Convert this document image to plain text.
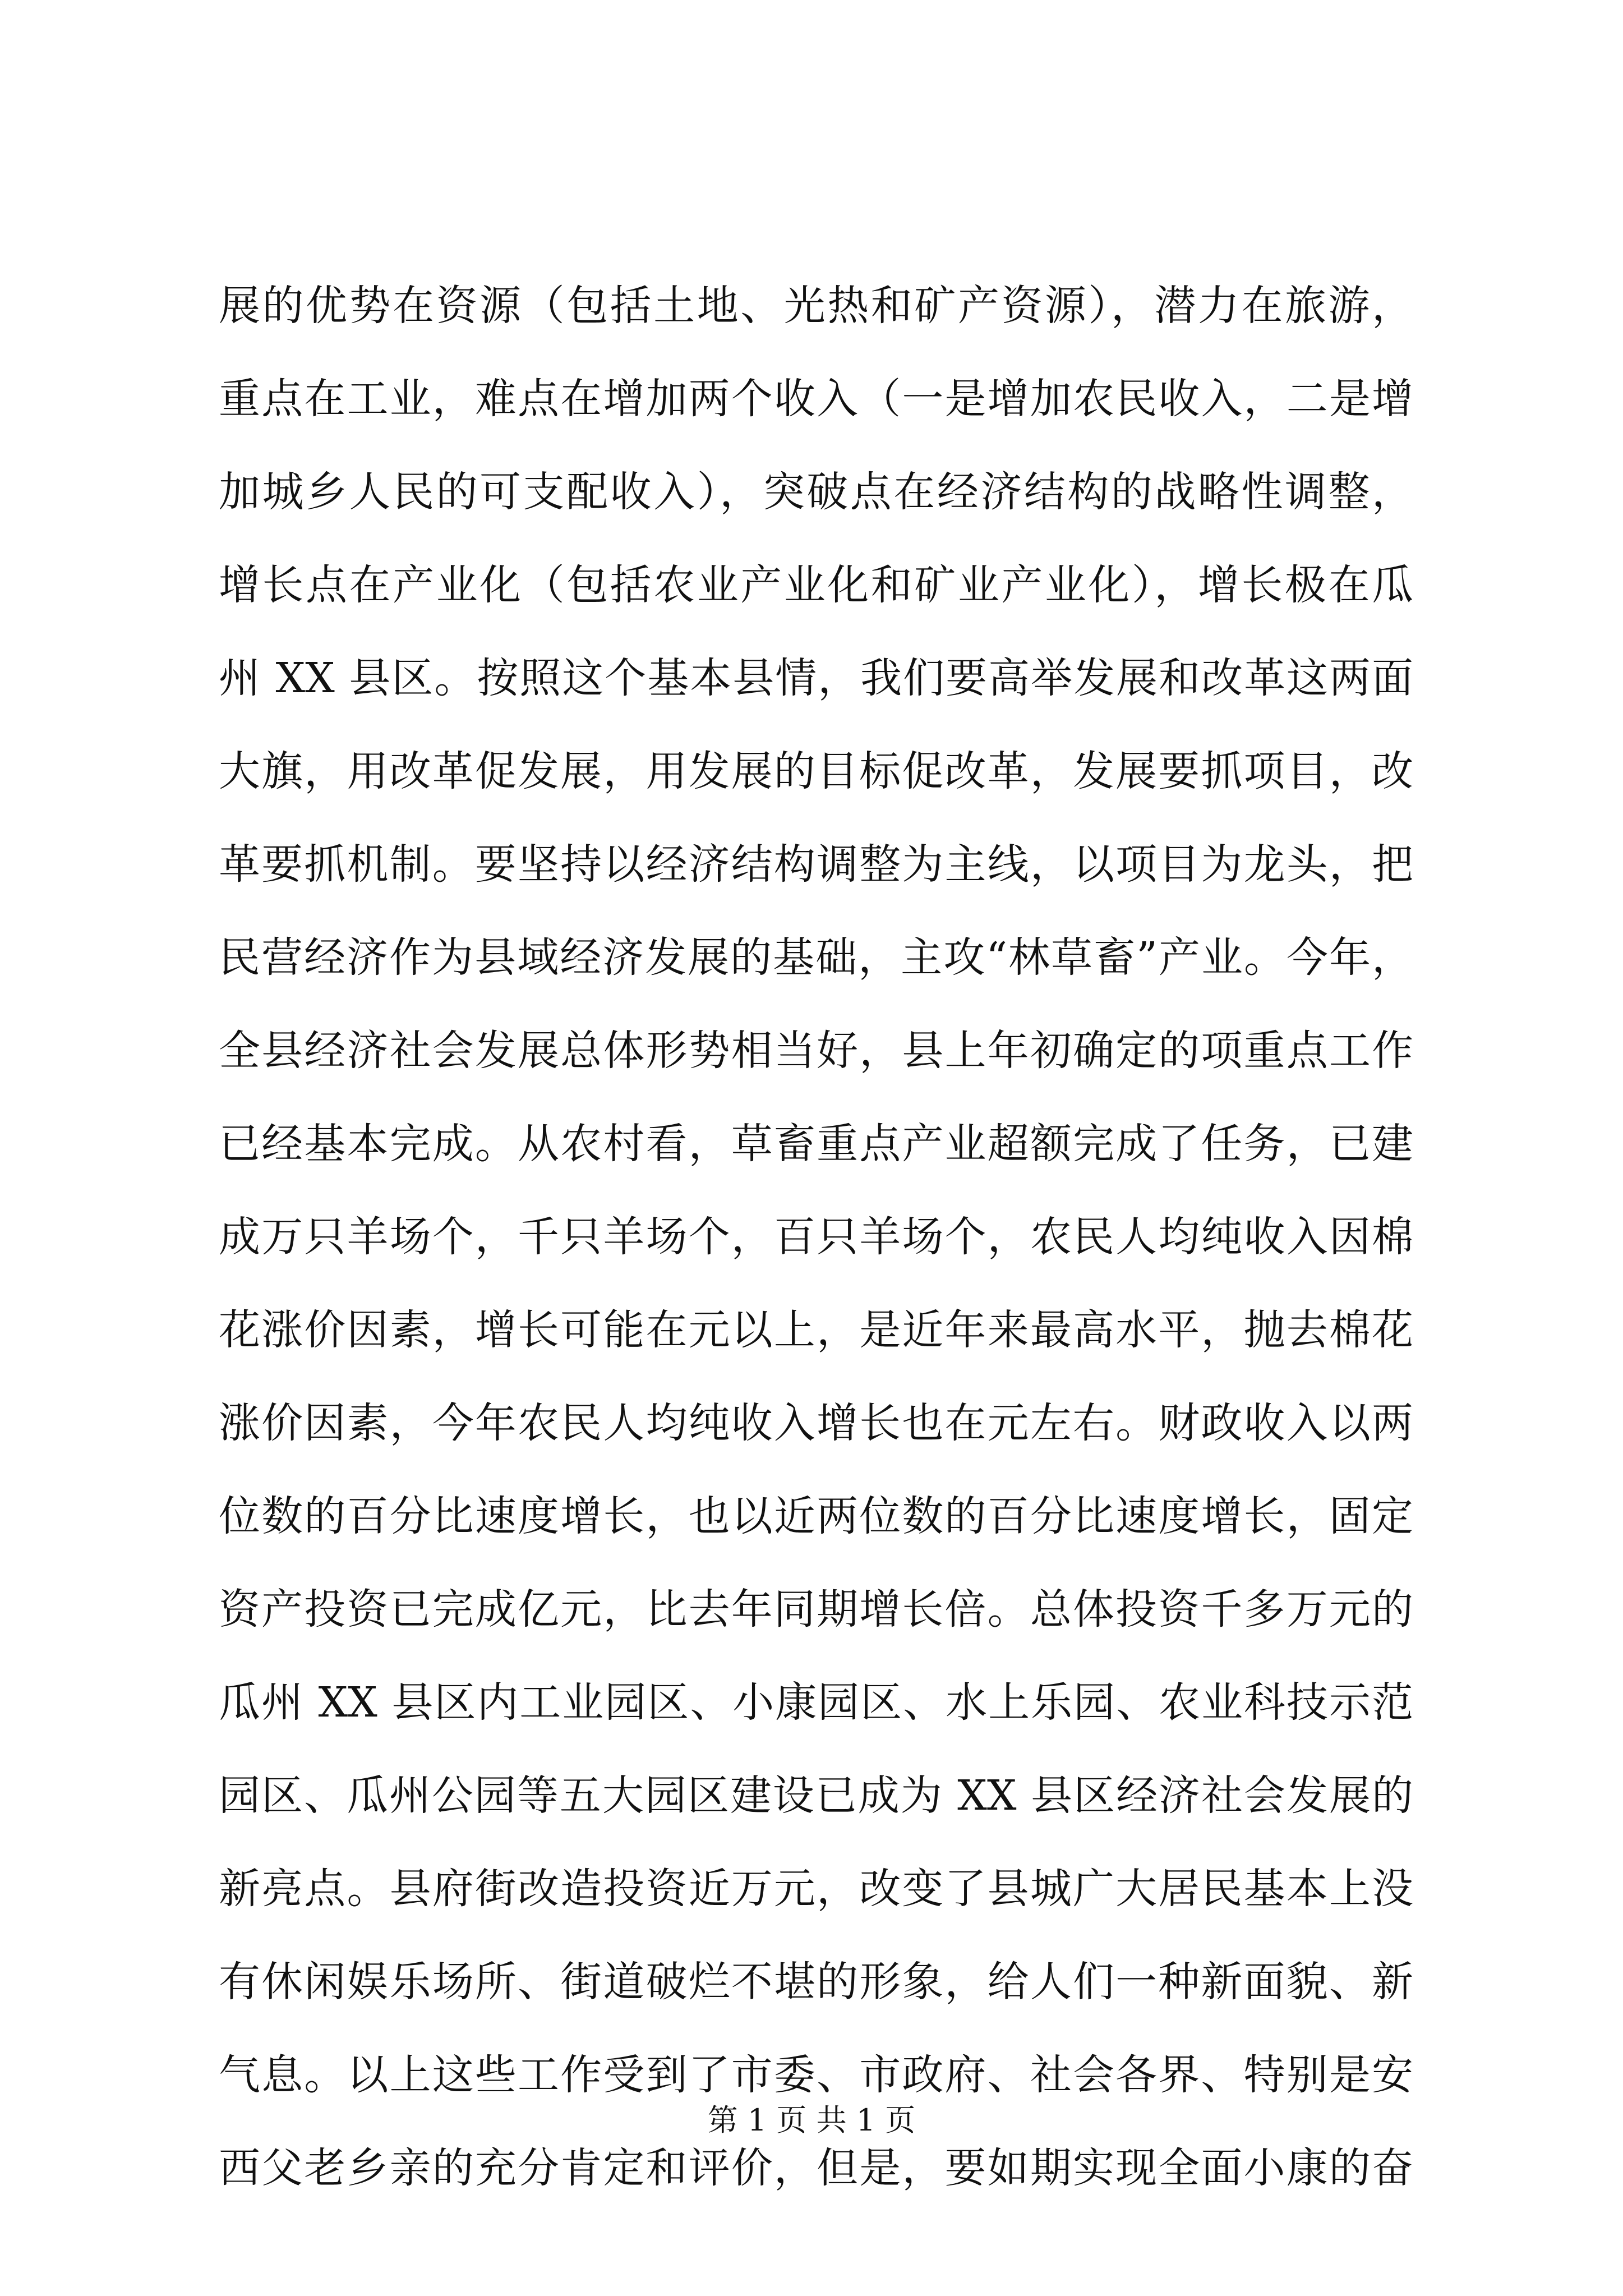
展的优势在资源（包括土地、光热和矿产资源），潜力在旅游，
重点在工业，难点在增加两个收入（一是增加农民收入，二是增
加城乡人民的可支配收入），突破点在经济结构的战略性调整，
增长点在产业化（包括农业产业化和矿业产业化），增长极在瓜
州 XX 县区。按照这个基本县情，我们要高举发展和改革这两面
大旗，用改革促发展，用发展的目标促改革，发展要抓项目，改
革要抓机制。要坚持以经济结构调整为主线，以项目为龙头，把
民营经济作为县域经济发展的基础，主攻“林草畜”产业。今年，
全县经济社会发展总体形势相当好，县上年初确定的项重点工作
已经基本完成。从农村看，草畜重点产业超额完成了任务，已建
成万只羊场个，千只羊场个，百只羊场个，农民人均纯收入因棉
花涨价因素，增长可能在元以上，是近年来最高水平，抛去棉花
涨价因素，今年农民人均纯收入增长也在元左右。财政收入以两
位数的百分比速度增长，也以近两位数的百分比速度增长，固定
资产投资已完成亿元，比去年同期增长倍。总体投资千多万元的
瓜州 XX 县区内工业园区、小康园区、水上乐园、农业科技示范
园区、瓜州公园等五大园区建设已成为 XX 县区经济社会发展的
新亮点。县府街改造投资近万元，改变了县城广大居民基本上没
有休闲娱乐场所、街道破烂不堪的形象，给人们一种新面貌、新
气息。以上这些工作受到了市委、市政府、社会各界、特别是安
西父老乡亲的充分肯定和评价，但是，要如期实现全面小康的奋
第 1 页 共 1 页
